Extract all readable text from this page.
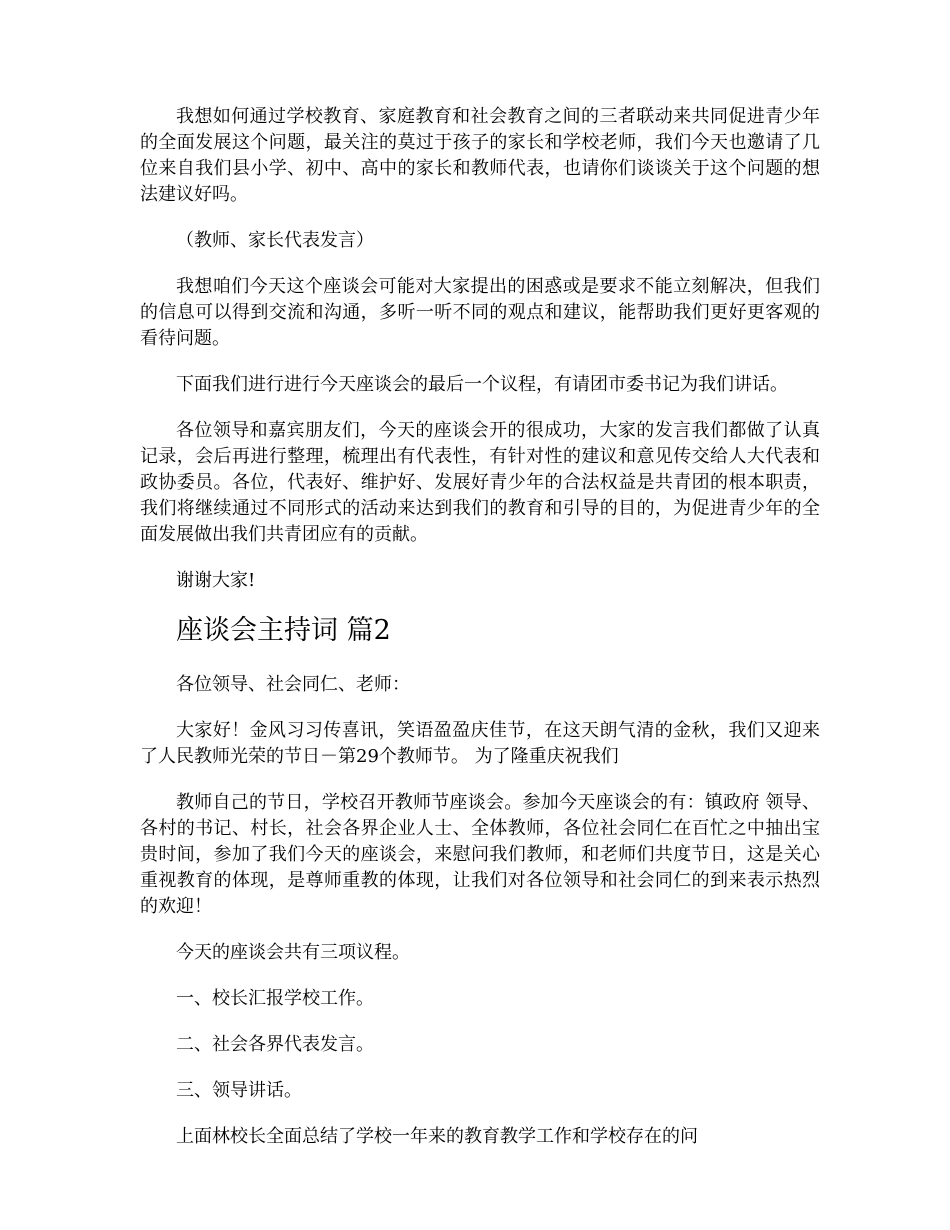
我想如何通过学校教育、家庭教育和社会教育之间的三者联动来共同促进青少年的全面发展这个问题，最关注的莫过于孩子的家长和学校老师，我们今天也邀请了几位来自我们县小学、初中、高中的家长和教师代表，也请你们谈谈关于这个问题的想法建议好吗。

（教师、家长代表发言）

我想咱们今天这个座谈会可能对大家提出的困惑或是要求不能立刻解决，但我们的信息可以得到交流和沟通，多听一听不同的观点和建议，能帮助我们更好更客观的看待问题。

下面我们进行进行今天座谈会的最后一个议程，有请团市委书记为我们讲话。

各位领导和嘉宾朋友们，今天的座谈会开的很成功，大家的发言我们都做了认真记录，会后再进行整理，梳理出有代表性，有针对性的建议和意见传交给人大代表和政协委员。各位，代表好、维护好、发展好青少年的合法权益是共青团的根本职责，我们将继续通过不同形式的活动来达到我们的教育和引导的目的，为促进青少年的全面发展做出我们共青团应有的贡献。

谢谢大家!

座谈会主持词 篇2

各位领导、社会同仁、老师：

大家好！金风习习传喜讯，笑语盈盈庆佳节，在这天朗气清的金秋，我们又迎来了人民教师光荣的节日－第29个教师节。 为了隆重庆祝我们

教师自己的节日，学校召开教师节座谈会。参加今天座谈会的有：镇政府 领导、各村的书记、村长，社会各界企业人士、全体教师，各位社会同仁在百忙之中抽出宝贵时间，参加了我们今天的座谈会，来慰问我们教师，和老师们共度节日，这是关心重视教育的体现，是尊师重教的体现，让我们对各位领导和社会同仁的到来表示热烈的欢迎！

今天的座谈会共有三项议程。

一、校长汇报学校工作。

二、社会各界代表发言。

三、领导讲话。

上面林校长全面总结了学校一年来的教育教学工作和学校存在的问
